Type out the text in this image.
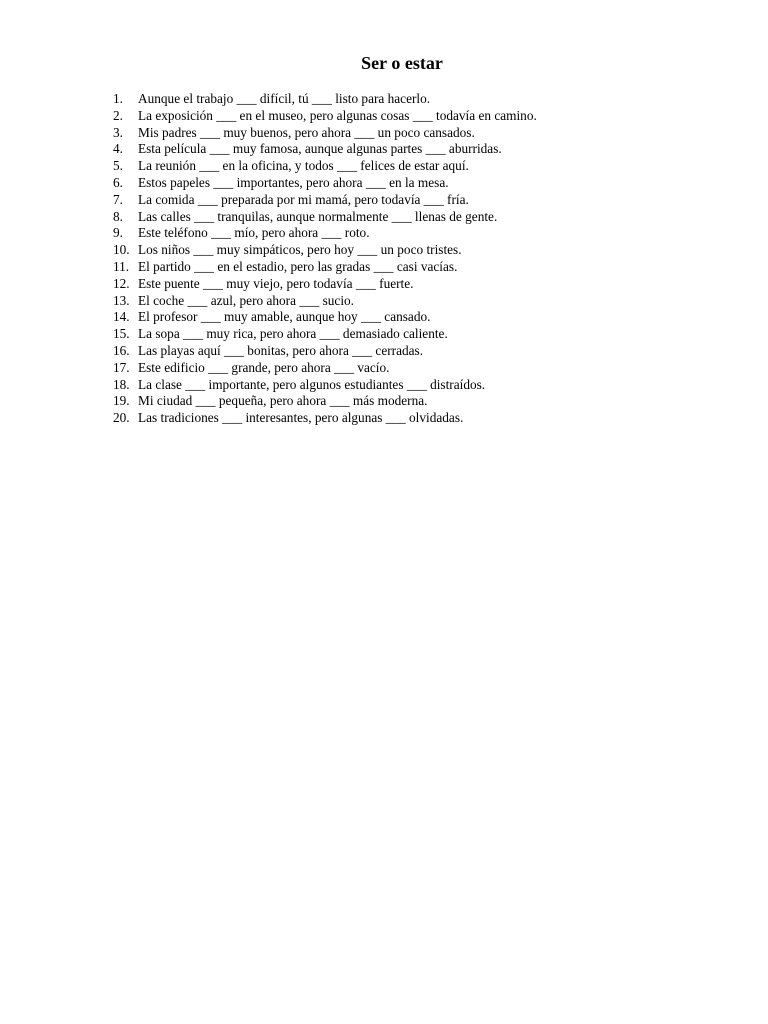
Ser o estar
1.	Aunque el trabajo ___ difícil, tú ___ listo para hacerlo.
2.	La exposición ___ en el museo, pero algunas cosas ___ todavía en camino.
3.	Mis padres ___ muy buenos, pero ahora ___ un poco cansados.
4.	Esta película ___ muy famosa, aunque algunas partes ___ aburridas.
5.	La reunión ___ en la oficina, y todos ___ felices de estar aquí.
6.	Estos papeles ___ importantes, pero ahora ___ en la mesa.
7.	La comida ___ preparada por mi mamá, pero todavía ___ fría.
8.	Las calles ___ tranquilas, aunque normalmente ___ llenas de gente.
9.	Este teléfono ___ mío, pero ahora ___ roto.
10. Los niños ___ muy simpáticos, pero hoy ___ un poco tristes.
11. El partido ___ en el estadio, pero las gradas ___ casi vacías.
12. Este puente ___ muy viejo, pero todavía ___ fuerte.
13. El coche ___ azul, pero ahora ___ sucio.
14. El profesor ___ muy amable, aunque hoy ___ cansado.
15. La sopa ___ muy rica, pero ahora ___ demasiado caliente.
16. Las playas aquí ___ bonitas, pero ahora ___ cerradas.
17. Este edificio ___ grande, pero ahora ___ vacío.
18. La clase ___ importante, pero algunos estudiantes ___ distraídos.
19. Mi ciudad ___ pequeña, pero ahora ___ más moderna.
20. Las tradiciones ___ interesantes, pero algunas ___ olvidadas.
